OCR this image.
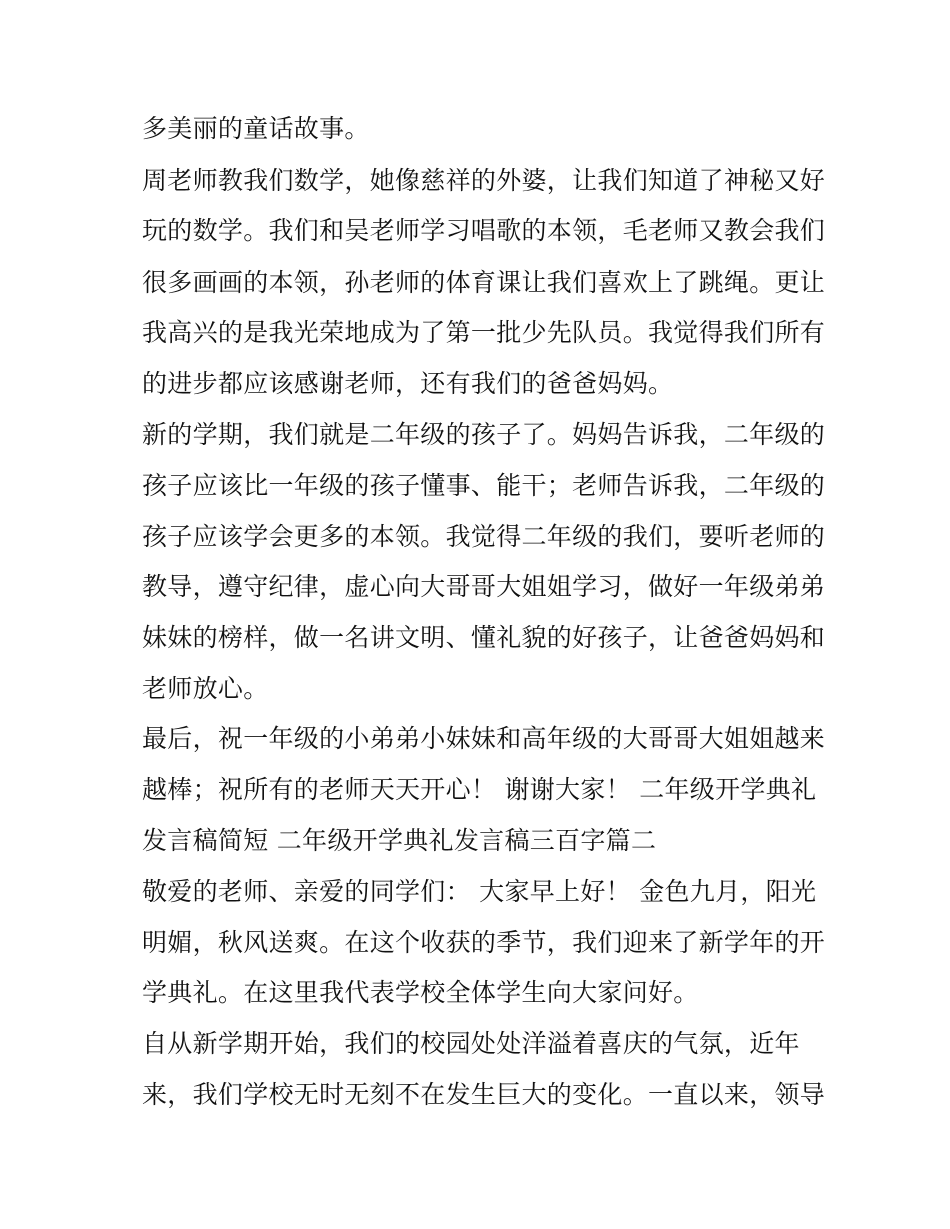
多美丽的童话故事。
周老师教我们数学，她像慈祥的外婆，让我们知道了神秘又好
玩的数学。我们和吴老师学习唱歌的本领，毛老师又教会我们
很多画画的本领，孙老师的体育课让我们喜欢上了跳绳。更让
我高兴的是我光荣地成为了第一批少先队员。我觉得我们所有
的进步都应该感谢老师，还有我们的爸爸妈妈。
新的学期，我们就是二年级的孩子了。妈妈告诉我，二年级的
孩子应该比一年级的孩子懂事、能干；老师告诉我，二年级的
孩子应该学会更多的本领。我觉得二年级的我们，要听老师的
教导，遵守纪律，虚心向大哥哥大姐姐学习，做好一年级弟弟
妹妹的榜样，做一名讲文明、懂礼貌的好孩子，让爸爸妈妈和
老师放心。
最后，祝一年级的小弟弟小妹妹和高年级的大哥哥大姐姐越来
越棒；祝所有的老师天天开心！ 谢谢大家！ 二年级开学典礼
发言稿简短 二年级开学典礼发言稿三百字篇二
敬爱的老师、亲爱的同学们： 大家早上好！ 金色九月，阳光
明媚，秋风送爽。在这个收获的季节，我们迎来了新学年的开
学典礼。在这里我代表学校全体学生向大家问好。
自从新学期开始，我们的校园处处洋溢着喜庆的气氛，近年
来，我们学校无时无刻不在发生巨大的变化。一直以来，领导
